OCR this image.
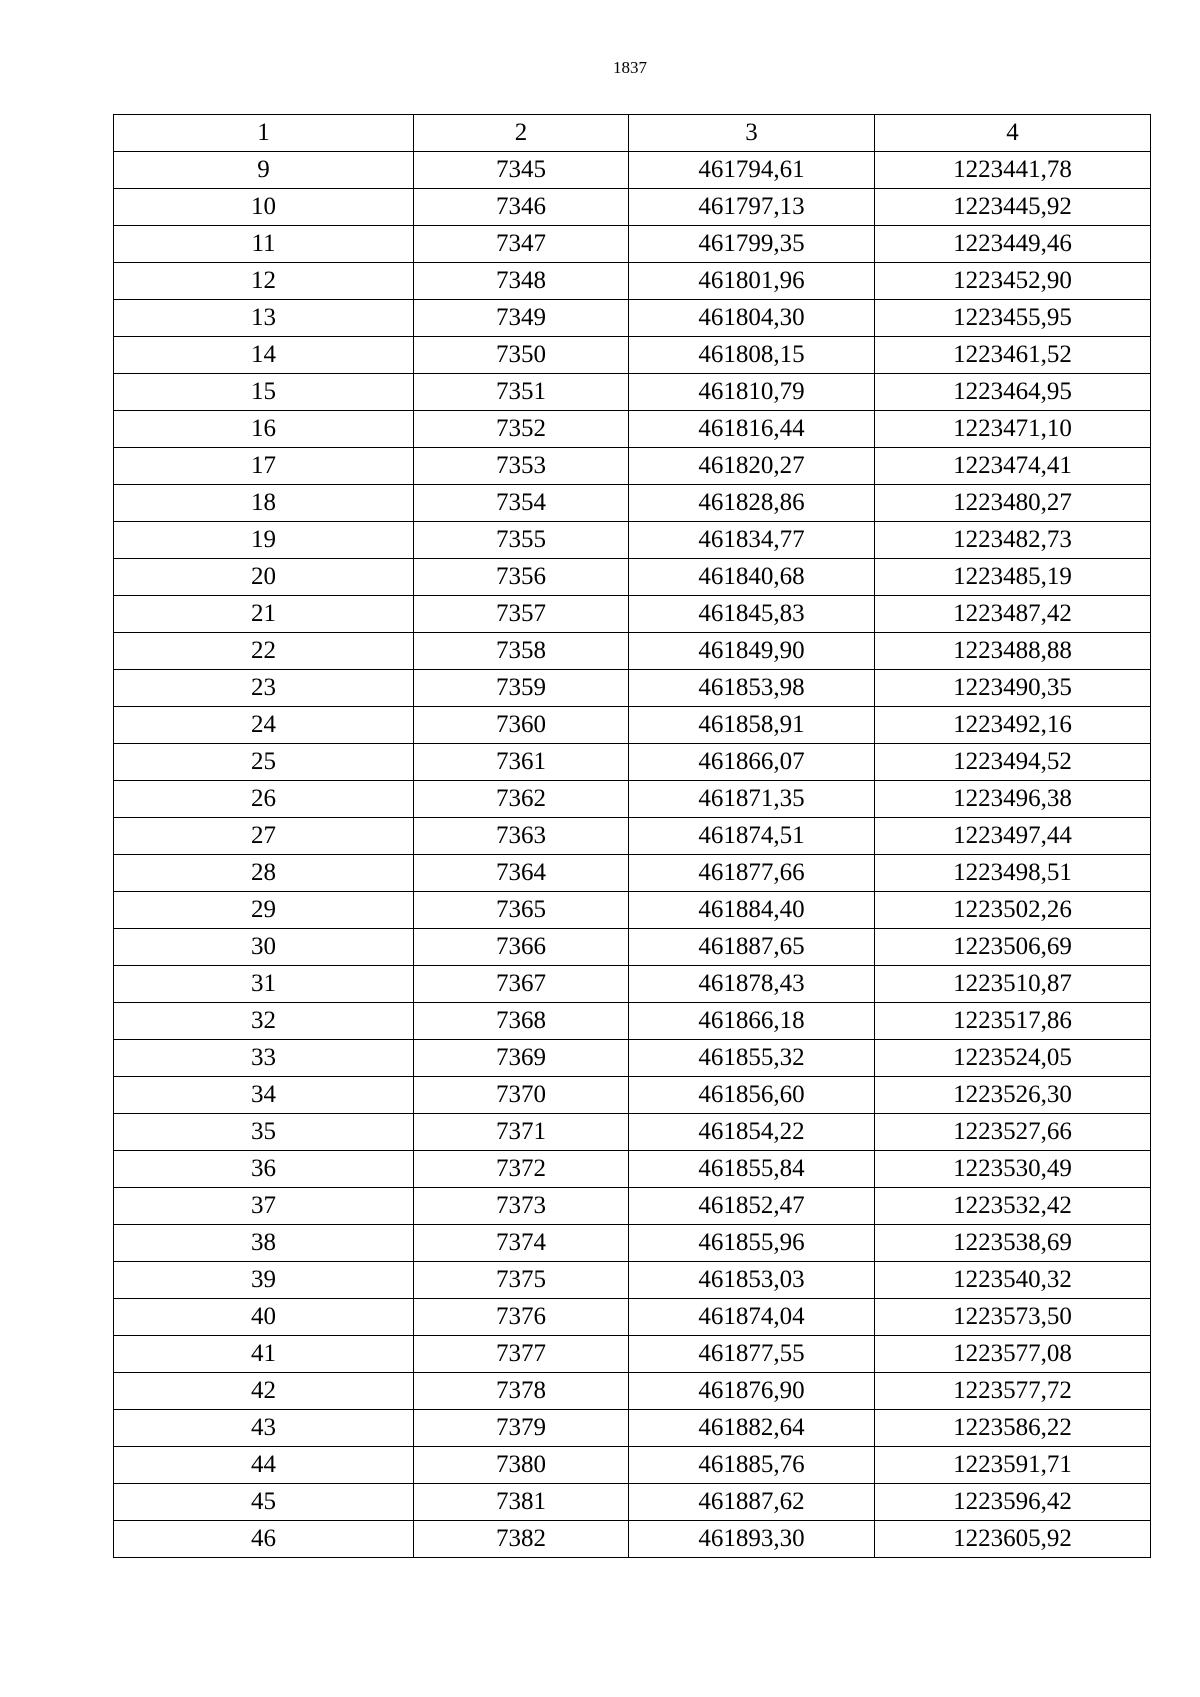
1837
1	2	3	4
9	7345	461794,61	1223441,78
10	7346	461797,13	1223445,92
11	7347	461799,35	1223449,46
12	7348	461801,96	1223452,90
13	7349	461804,30	1223455,95
14	7350	461808,15	1223461,52
15	7351	461810,79	1223464,95
16	7352	461816,44	1223471,10
17	7353	461820,27	1223474,41
18	7354	461828,86	1223480,27
19	7355	461834,77	1223482,73
20	7356	461840,68	1223485,19
21	7357	461845,83	1223487,42
22	7358	461849,90	1223488,88
23	7359	461853,98	1223490,35
24	7360	461858,91	1223492,16
25	7361	461866,07	1223494,52
26	7362	461871,35	1223496,38
27	7363	461874,51	1223497,44
28	7364	461877,66	1223498,51
29	7365	461884,40	1223502,26
30	7366	461887,65	1223506,69
31	7367	461878,43	1223510,87
32	7368	461866,18	1223517,86
33	7369	461855,32	1223524,05
34	7370	461856,60	1223526,30
35	7371	461854,22	1223527,66
36	7372	461855,84	1223530,49
37	7373	461852,47	1223532,42
38	7374	461855,96	1223538,69
39	7375	461853,03	1223540,32
40	7376	461874,04	1223573,50
41	7377	461877,55	1223577,08
42	7378	461876,90	1223577,72
43	7379	461882,64	1223586,22
44	7380	461885,76	1223591,71
45	7381	461887,62	1223596,42
46	7382	461893,30	1223605,92
